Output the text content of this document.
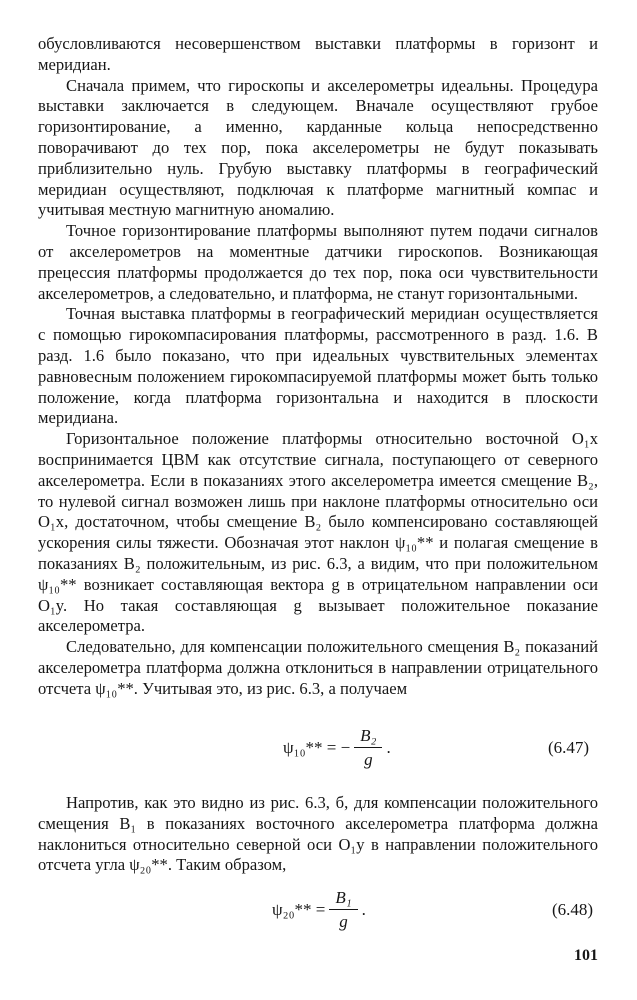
обусловливаются несовершенством выставки платформы в горизонт и меридиан.

Сначала примем, что гироскопы и акселерометры идеальны. Процедура выставки заключается в следующем. Вначале осуществляют грубое горизонтирование, а именно, карданные кольца непосредственно поворачивают до тех пор, пока акселерометры не будут показывать приблизительно нуль. Грубую выставку платформы в географический меридиан осуществляют, подключая к платформе магнитный компас и учитывая местную магнитную аномалию.

Точное горизонтирование платформы выполняют путем подачи сигналов от акселерометров на моментные датчики гироскопов. Возникающая прецессия платформы продолжается до тех пор, пока оси чувствительности акселерометров, а следовательно, и платформа, не станут горизонтальными.

Точная выставка платформы в географический меридиан осуществляется с помощью гирокомпасирования платформы, рассмотренного в разд. 1.6. В разд. 1.6 было показано, что при идеальных чувствительных элементах равновесным положением гирокомпасируемой платформы может быть только положение, когда платформа горизонтальна и находится в плоскости меридиана.

Горизонтальное положение платформы относительно восточной O₁x воспринимается ЦВМ как отсутствие сигнала, поступающего от северного акселерометра. Если в показаниях этого акселерометра имеется смещение B₂, то нулевой сигнал возможен лишь при наклоне платформы относительно оси O₁x, достаточном, чтобы смещение B₂ было компенсировано составляющей ускорения силы тяжести. Обозначая этот наклон ψ₁₀** и полагая смещение в показаниях B₂ положительным, из рис. 6.3, а видим, что при положительном ψ₁₀** возникает составляющая вектора g в отрицательном направлении оси O₁y. Но такая составляющая g вызывает положительное показание акселерометра.

Следовательно, для компенсации положительного смещения B₂ показаний акселерометра платформа должна отклониться в направлении отрицательного отсчета ψ₁₀**. Учитывая это, из рис. 6.3, а получаем

ψ₁₀** = − $\frac{\text{B₂}}{g}$ .	(6.47)

Напротив, как это видно из рис. 6.3, б, для компенсации положительного смещения B₁ в показаниях восточного акселерометра платформа должна наклониться относительно северной оси O₁y в направлении положительного отсчета угла ψ₂₀**. Таким образом,

$\psi_{20}** = \frac{\text{B₁}}{g}$ .	(6.48)
101
